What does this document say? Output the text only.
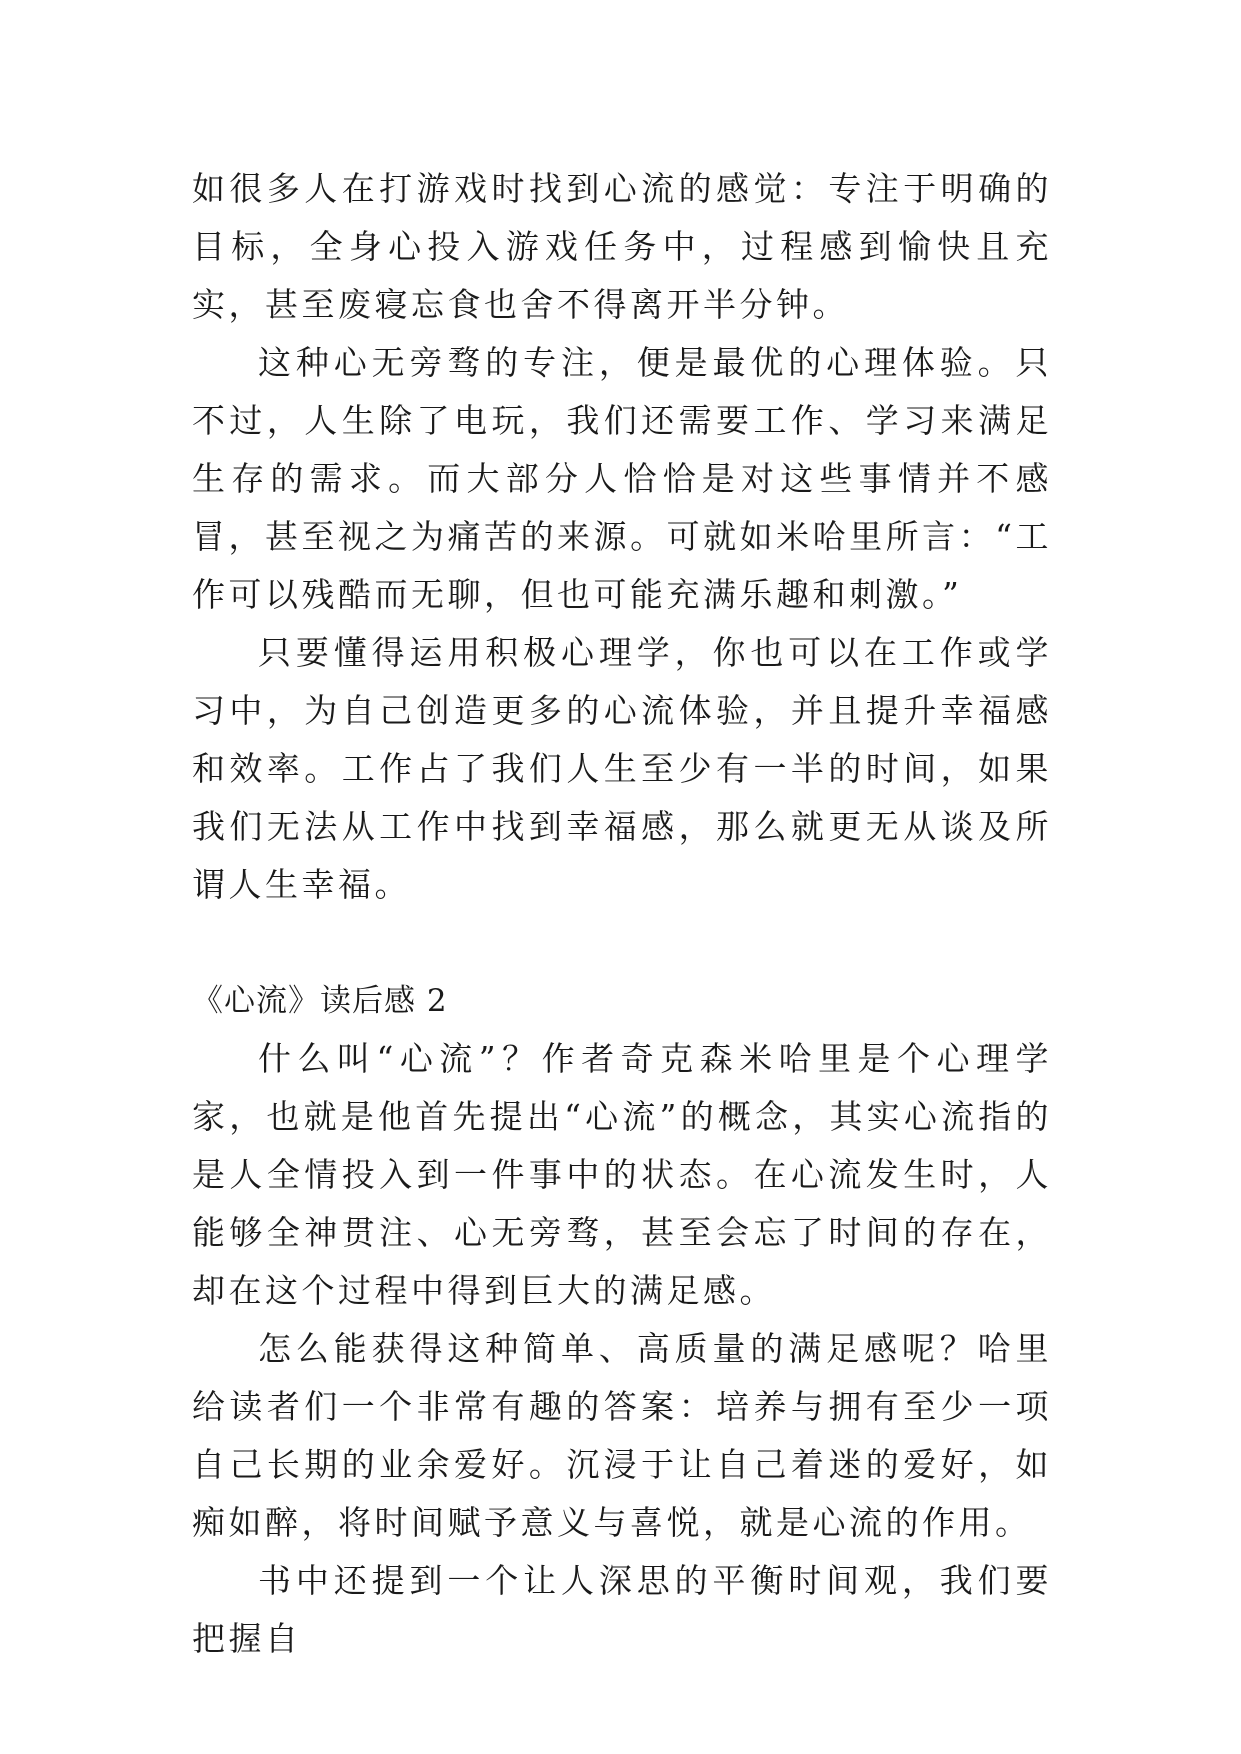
如很多人在打游戏时找到心流的感觉：专注于明确的目标，全身心投入游戏任务中，过程感到愉快且充实，甚至废寝忘食也舍不得离开半分钟。

这种心无旁骛的专注，便是最优的心理体验。只不过，人生除了电玩，我们还需要工作、学习来满足生存的需求。而大部分人恰恰是对这些事情并不感冒，甚至视之为痛苦的来源。可就如米哈里所言：“工作可以残酷而无聊，但也可能充满乐趣和刺激。”

只要懂得运用积极心理学，你也可以在工作或学习中，为自己创造更多的心流体验，并且提升幸福感和效率。工作占了我们人生至少有一半的时间，如果我们无法从工作中找到幸福感，那么就更无从谈及所谓人生幸福。

《心流》读后感 2

什么叫“心流”？作者奇克森米哈里是个心理学家，也就是他首先提出“心流”的概念，其实心流指的是人全情投入到一件事中的状态。在心流发生时，人能够全神贯注、心无旁骛，甚至会忘了时间的存在，却在这个过程中得到巨大的满足感。

怎么能获得这种简单、高质量的满足感呢？哈里给读者们一个非常有趣的答案：培养与拥有至少一项自己长期的业余爱好。沉浸于让自己着迷的爱好，如痴如醉，将时间赋予意义与喜悦，就是心流的作用。

书中还提到一个让人深思的平衡时间观，我们要把握自
